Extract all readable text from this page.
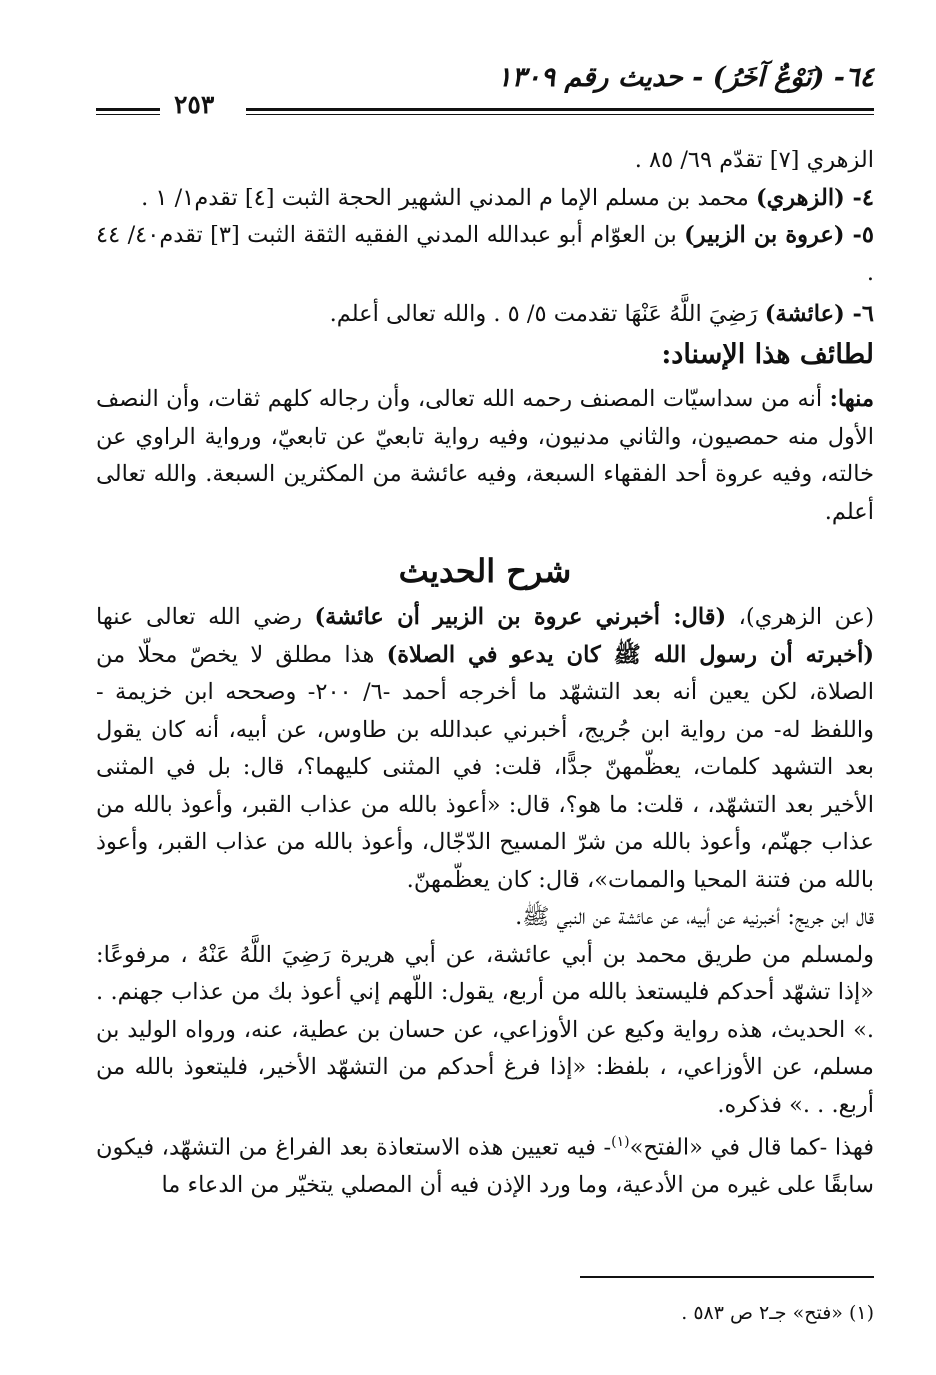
٦٤- (نَوْعٌ آخَرُ) - حديث رقم ١٣٠٩
٢٥٣

الزهري [٧] تقدّم ٦٩/ ٨٥ .

٤- (الزهري) محمد بن مسلم الإما م المدني الشهير الحجة الثبت [٤] تقدم١/ ١ .

٥- (عروة بن الزبير) بن العوّام أبو عبدالله المدني الفقيه الثقة الثبت [٣] تقدم٤٠/ ٤٤ .

٦- (عائشة) رَضِيَ اللَّهُ عَنْهَا تقدمت ٥/ ٥ . والله تعالى أعلم.

لطائف هذا الإسناد:

منها: أنه من سداسيّات المصنف رحمه الله تعالى، وأن رجاله كلهم ثقات، وأن النصف الأول منه حمصيون، والثاني مدنيون، وفيه رواية تابعيّ عن تابعيّ، ورواية الراوي عن خالته، وفيه عروة أحد الفقهاء السبعة، وفيه عائشة من المكثرين السبعة. والله تعالى أعلم.

شرح الحديث

(عن الزهري)، (قال: أخبرني عروة بن الزبير أن عائشة) رضي الله تعالى عنها (أخبرته أن رسول الله ﷺ كان يدعو في الصلاة) هذا مطلق لا يخصّ محلّا من الصلاة، لكن يعين أنه بعد التشهّد ما أخرجه أحمد -٦/ ٢٠٠- وصححه ابن خزيمة - واللفظ له- من رواية ابن جُريج، أخبرني عبدالله بن طاوس، عن أبيه، أنه كان يقول بعد التشهد كلمات، يعظّمهنّ جدًّا، قلت: في المثنى كليهما؟، قال: بل في المثنى الأخير بعد التشهّد، ، قلت: ما هو؟، قال: «أعوذ بالله من عذاب القبر، وأعوذ بالله من عذاب جهنّم، وأعوذ بالله من شرّ المسيح الدّجّال، وأعوذ بالله من عذاب القبر، وأعوذ بالله من فتنة المحيا والممات»، قال: كان يعظّمهنّ.

قال ابن جريج: أخبرنيه عن أبيه، عن عائشة عن النبي ﷺ.

ولمسلم من طريق محمد بن أبي عائشة، عن أبي هريرة رَضِيَ اللَّهُ عَنْهُ ، مرفوعًا: «إذا تشهّد أحدكم فليستعذ بالله من أربع، يقول: اللّهم إني أعوذ بك من عذاب جهنم. . .» الحديث، هذه رواية وكيع عن الأوزاعي، عن حسان بن عطية، عنه، ورواه الوليد بن مسلم، عن الأوزاعي، ، بلفظ: «إذا فرغ أحدكم من التشهّد الأخير، فليتعوذ بالله من أربع. . .» فذكره.

فهذا -كما قال في «الفتح»$^{(١)}$- فيه تعيين هذه الاستعاذة بعد الفراغ من التشهّد، فيكون سابقًا على غيره من الأدعية، وما ورد الإذن فيه أن المصلي يتخيّر من الدعاء ما

(١) «فتح» جـ٢ ص ٥٨٣ .
